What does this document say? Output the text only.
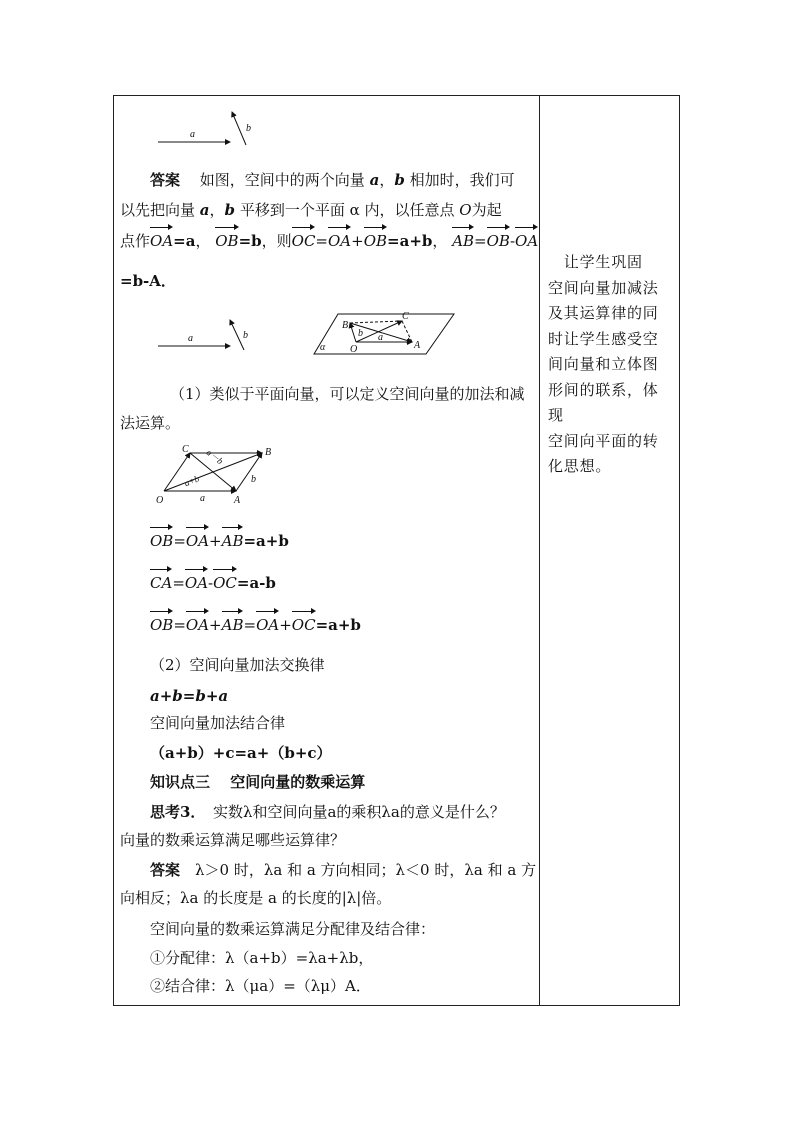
a
b
答案　 如图，空间中的两个向量 a，b 相加时，我们可
以先把向量 a，b 平移到一个平面 α 内，以任意点 O为起
点作OA=a， OB=b，则OC=OA+OB=a+b， AB=OB-OA
=b-A．
a	b
α
B
C
O	A
b a
（1）类似于平面向量，可以定义空间向量的加法和减
法运算。
C	B
O	A
a
b
a－b
a+b
OB=OA+AB=a+b
CA=OA-OC=a-b
OB=OA+AB=OA+OC=a+b
（2）空间向量加法交换律
a+b=b+a
空间向量加法结合律
（a+b）+c=a+（b+c）
知识点三　 空间向量的数乘运算
思考3．　 实数λ和空间向量a的乘积λa的意义是什么？
向量的数乘运算满足哪些运算律？
答案　 λ＞0 时，λa 和 a 方向相同；λ＜0 时，λa 和 a 方
向相反；λa 的长度是 a 的长度的|λ|倍。
空间向量的数乘运算满足分配律及结合律：
①分配律：λ（a+b）=λa+λb，
②结合律：λ（μa）=（λμ）A．
　让学生巩固
空间向量加减法
及其运算律的同
时让学生感受空
间向量和立体图
形间的联系，体现
空间向平面的转
化思想。
